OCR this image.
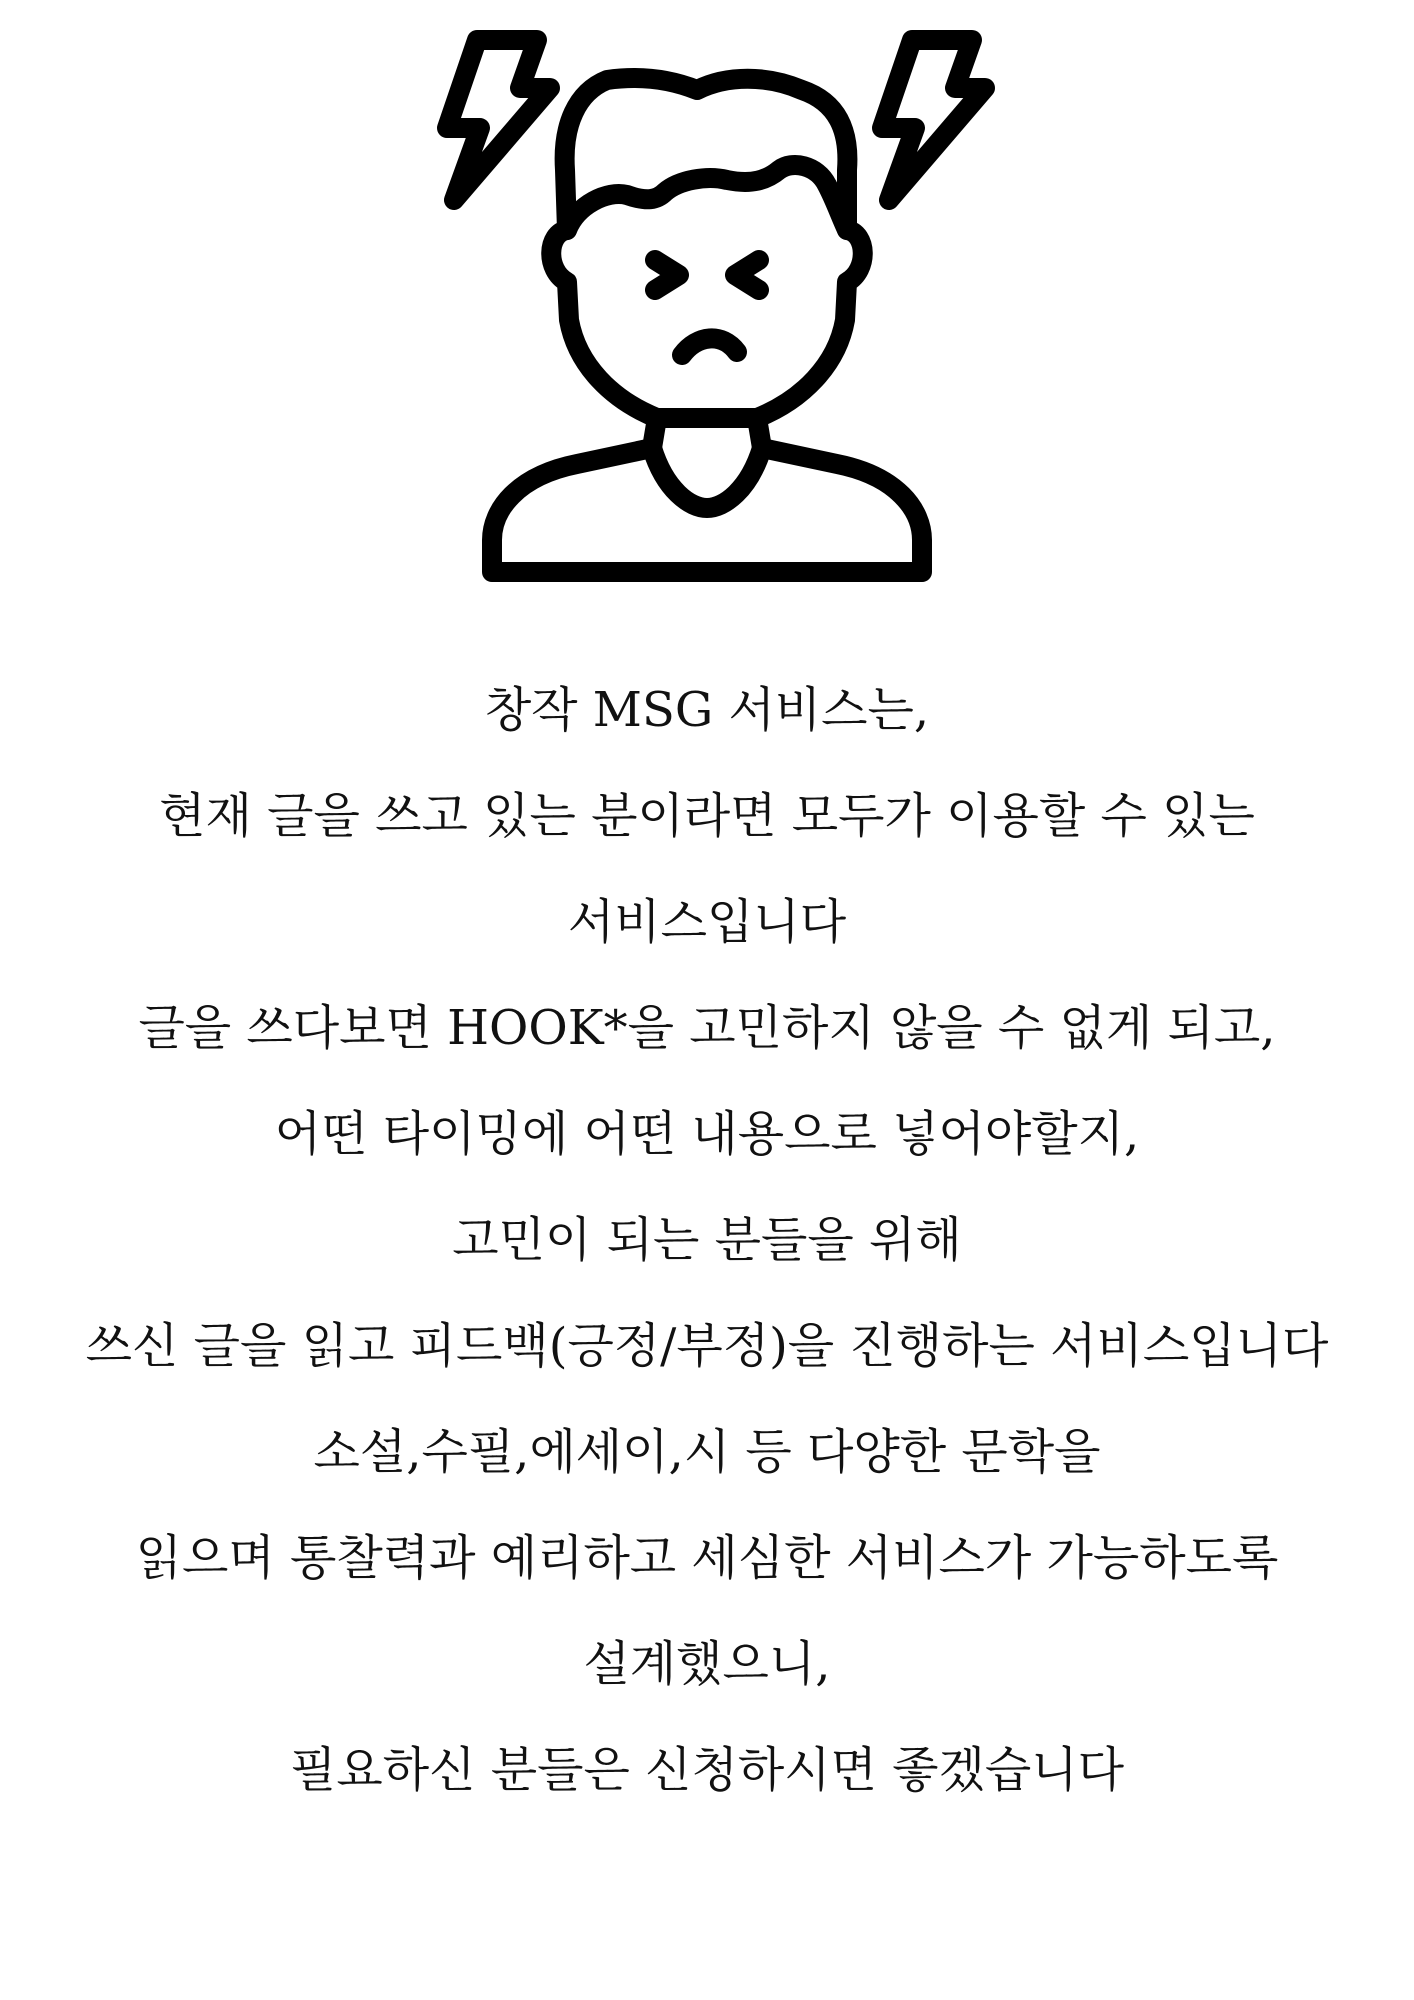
창작 MSG 서비스는,
현재 글을 쓰고 있는 분이라면 모두가 이용할 수 있는
서비스입니다
글을 쓰다보면 HOOK*을 고민하지 않을 수 없게 되고,
어떤 타이밍에 어떤 내용으로 넣어야할지,
고민이 되는 분들을 위해
쓰신 글을 읽고 피드백(긍정/부정)을 진행하는 서비스입니다
소설,수필,에세이,시 등 다양한 문학을
읽으며 통찰력과 예리하고 세심한 서비스가 가능하도록
설계했으니,
필요하신 분들은 신청하시면 좋겠습니다
